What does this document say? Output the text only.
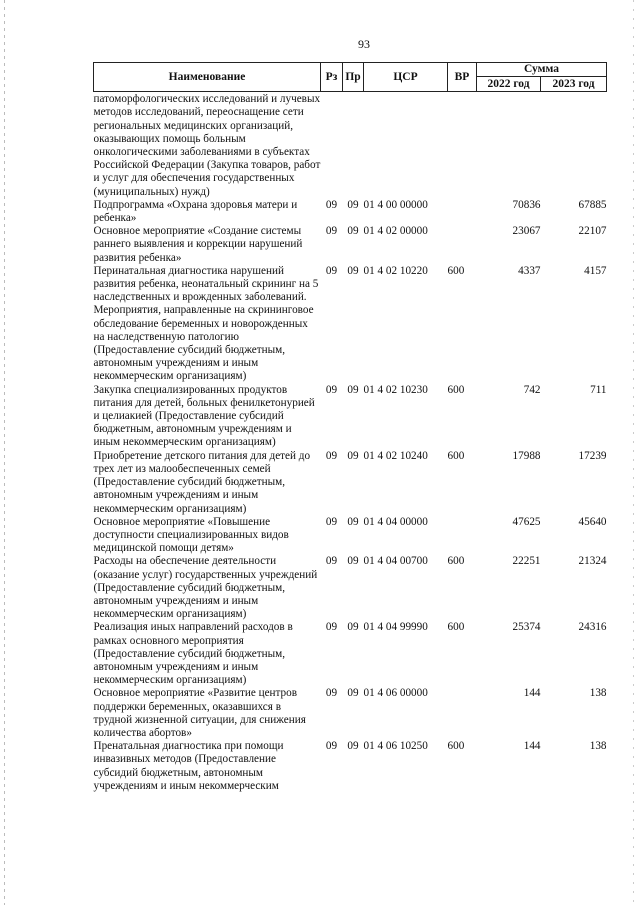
93
Наименование	Рз	Пр	ЦСР	ВР	Сумма	
					2022 год	2023 год
патоморфологических исследований и лучевых методов исследований, переоснащение сети региональных медицинских организаций, оказывающих помощь больным онкологическими заболеваниями в субъектах Российской Федерации (Закупка товаров, работ и услуг для обеспечения государственных (муниципальных) нужд)						
Подпрограмма «Охрана здоровья матери и ребенка»	09	09	01 4 00 00000		70836	67885
Основное мероприятие «Создание системы раннего выявления и коррекции нарушений развития ребенка»	09	09	01 4 02 00000		23067	22107
Перинатальная диагностика нарушений развития ребенка, неонатальный скрининг на 5 наследственных и врожденных заболеваний. Мероприятия, направленные на скрининговое обследование беременных и новорожденных на наследственную патологию (Предоставление субсидий бюджетным, автономным учреждениям и иным некоммерческим организациям)	09	09	01 4 02 10220	600	4337	4157
Закупка специализированных продуктов питания для детей, больных фенилкетонурией и целиакией (Предоставление субсидий бюджетным, автономным учреждениям и иным некоммерческим организациям)	09	09	01 4 02 10230	600	742	711
Приобретение детского питания для детей до трех лет из малообеспеченных семей (Предоставление субсидий бюджетным, автономным учреждениям и иным некоммерческим организациям)	09	09	01 4 02 10240	600	17988	17239
Основное мероприятие «Повышение доступности специализированных видов медицинской помощи детям»	09	09	01 4 04 00000		47625	45640
Расходы на обеспечение деятельности (оказание услуг) государственных учреждений (Предоставление субсидий бюджетным, автономным учреждениям и иным некоммерческим организациям)	09	09	01 4 04 00700	600	22251	21324
Реализация иных направлений расходов в рамках основного мероприятия (Предоставление субсидий бюджетным, автономным учреждениям и иным некоммерческим организациям)	09	09	01 4 04 99990	600	25374	24316
Основное мероприятие «Развитие центров поддержки беременных, оказавшихся в трудной жизненной ситуации, для снижения количества абортов»	09	09	01 4 06 00000		144	138
Пренатальная диагностика при помощи инвазивных методов (Предоставление субсидий бюджетным, автономным учреждениям и иным некоммерческим	09	09	01 4 06 10250	600	144	138
